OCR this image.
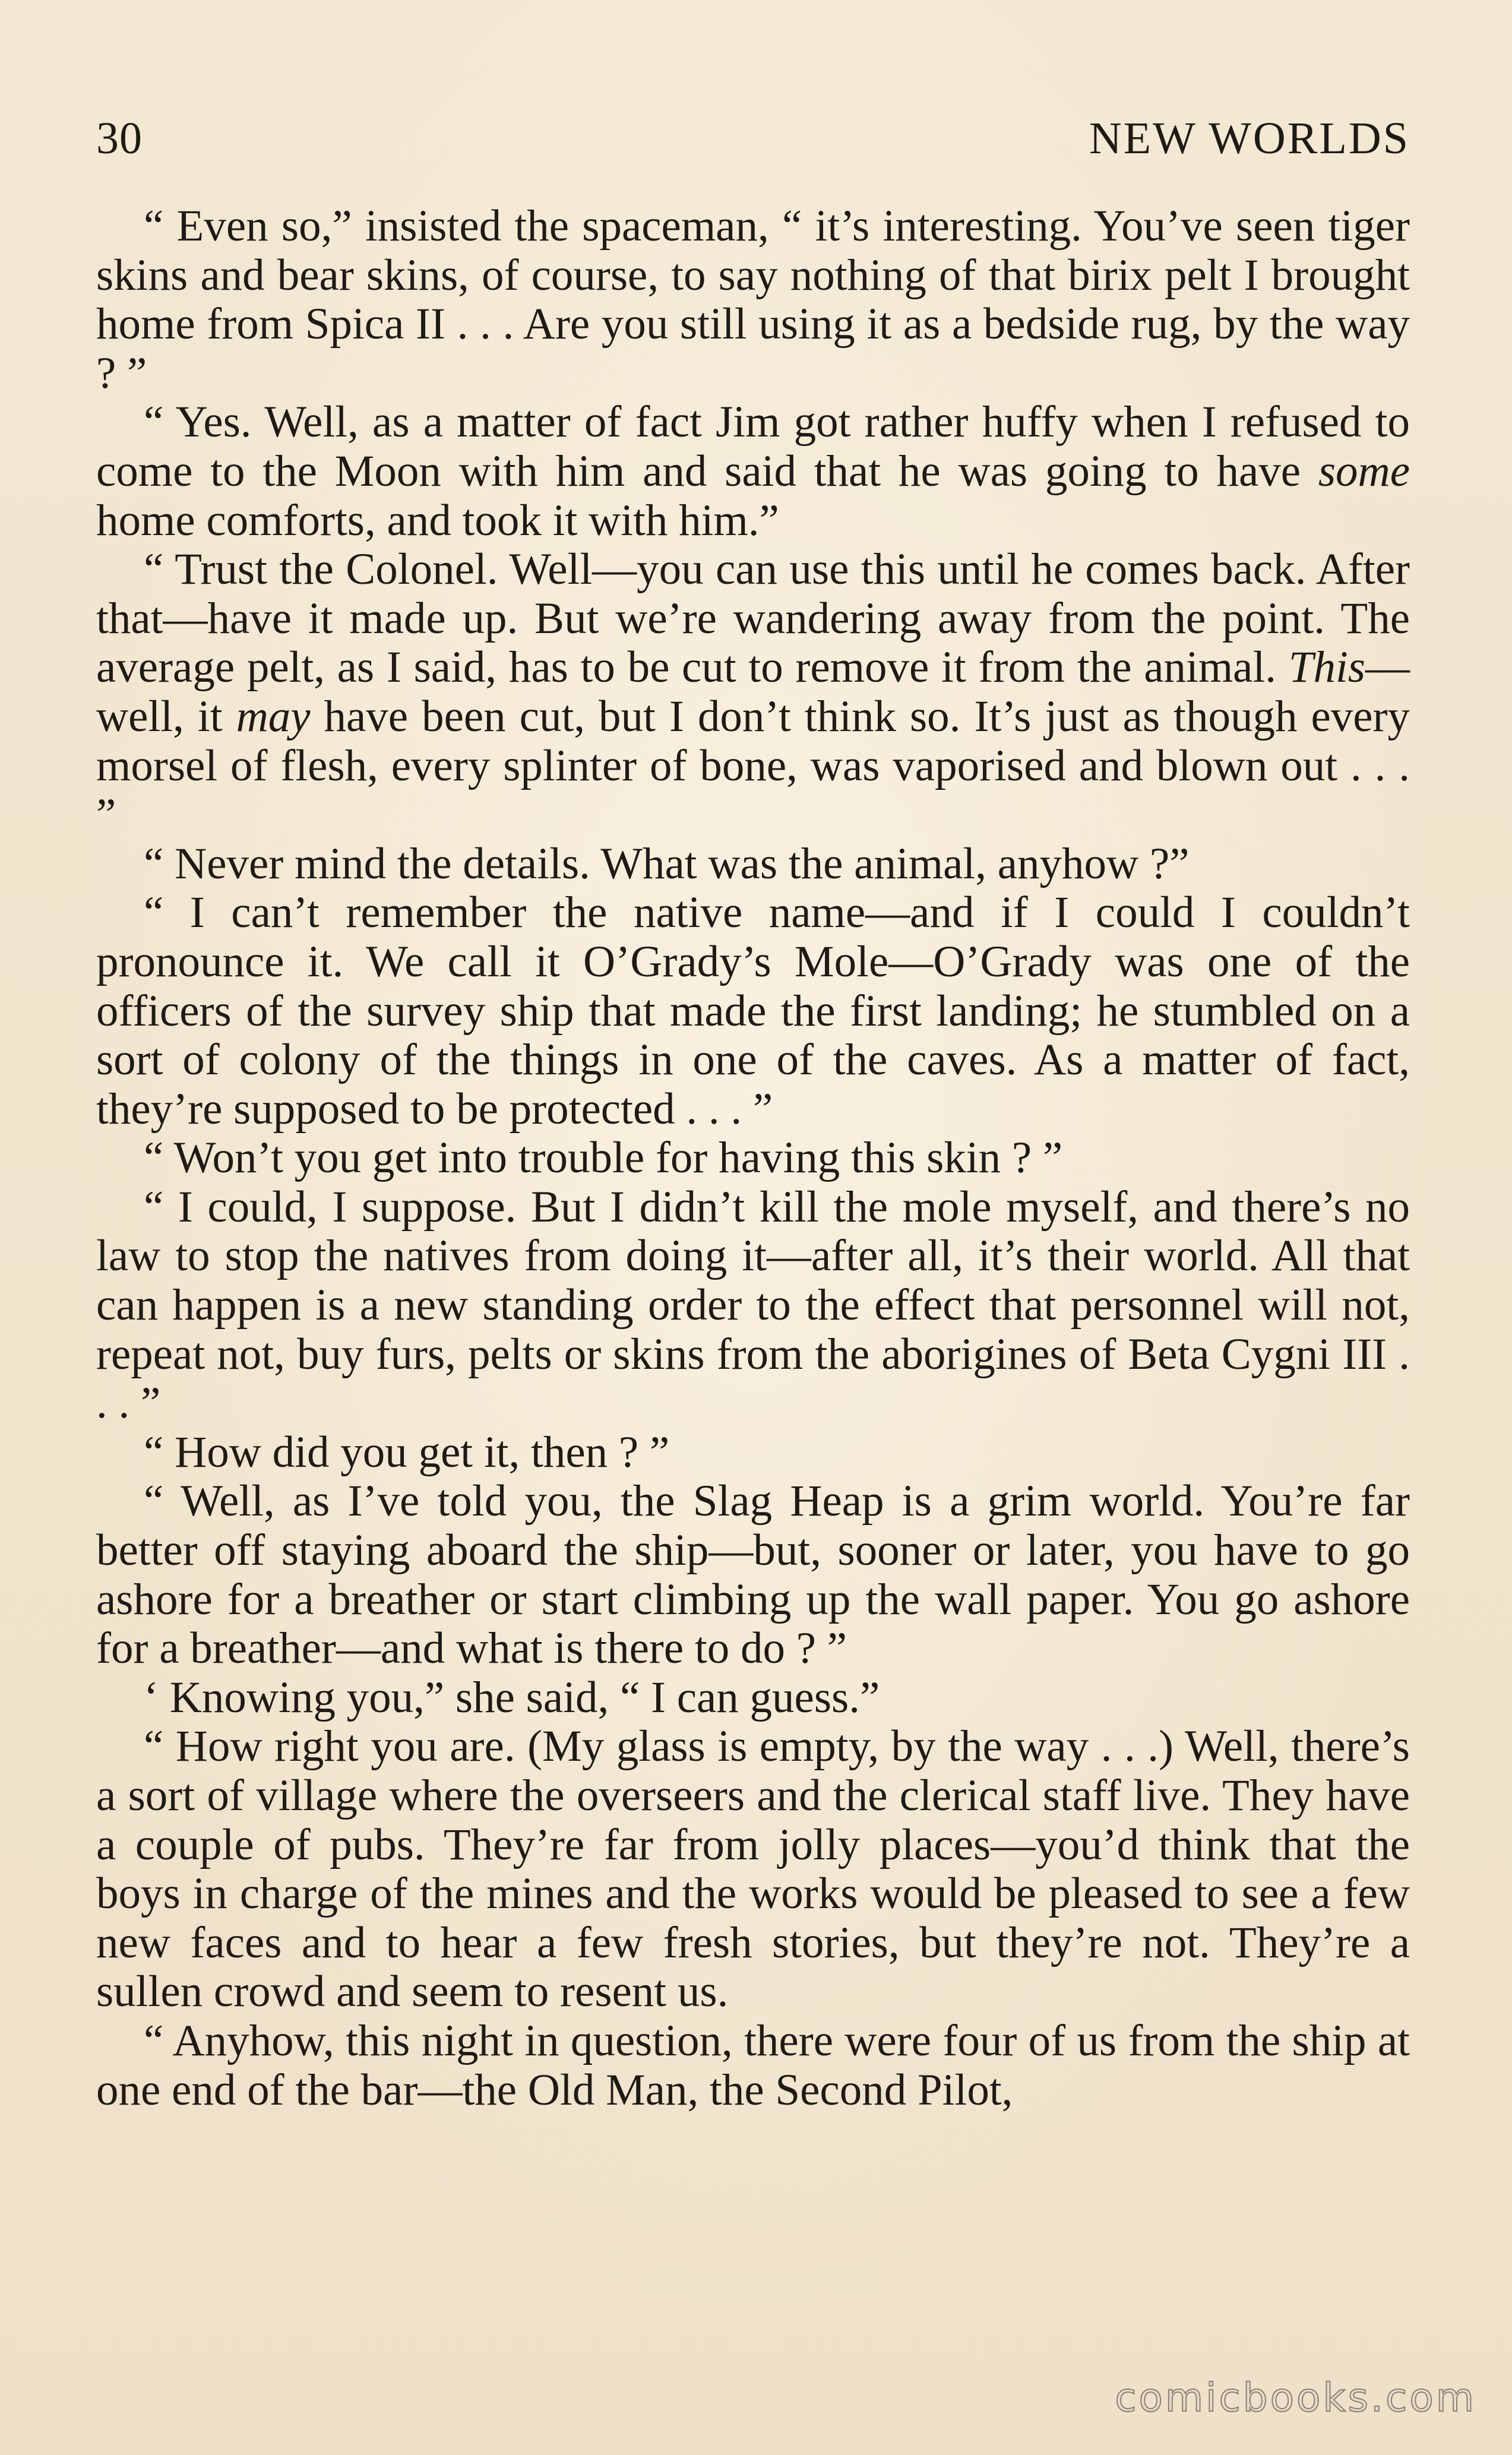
30	NEW WORLDS

“ Even so,” insisted the spaceman, “ it’s interesting. You’ve seen tiger skins and bear skins, of course, to say nothing of that birix pelt I brought home from Spica II . . . Are you still using it as a bedside rug, by the way ? ”

“ Yes. Well, as a matter of fact Jim got rather huffy when I refused to come to the Moon with him and said that he was going to have some home comforts, and took it with him.”

“ Trust the Colonel. Well—you can use this until he comes back. After that—have it made up. But we’re wandering away from the point. The average pelt, as I said, has to be cut to remove it from the animal. This—well, it may have been cut, but I don’t think so. It’s just as though every morsel of flesh, every splinter of bone, was vaporised and blown out . . . ”

“ Never mind the details. What was the animal, anyhow ?”

“ I can’t remember the native name—and if I could I couldn’t pronounce it. We call it O’Grady’s Mole—O’Grady was one of the officers of the survey ship that made the first landing; he stumbled on a sort of colony of the things in one of the caves. As a matter of fact, they’re supposed to be protected . . . ”

“ Won’t you get into trouble for having this skin ? ”

“ I could, I suppose. But I didn’t kill the mole myself, and there’s no law to stop the natives from doing it—after all, it’s their world. All that can happen is a new standing order to the effect that personnel will not, repeat not, buy furs, pelts or skins from the aborigines of Beta Cygni III . . . ”

“ How did you get it, then ? ”

“ Well, as I’ve told you, the Slag Heap is a grim world. You’re far better off staying aboard the ship—but, sooner or later, you have to go ashore for a breather or start climbing up the wall paper. You go ashore for a breather—and what is there to do ? ”

‘ Knowing you,” she said, “ I can guess.”

“ How right you are. (My glass is empty, by the way . . .) Well, there’s a sort of village where the overseers and the clerical staff live. They have a couple of pubs. They’re far from jolly places—you’d think that the boys in charge of the mines and the works would be pleased to see a few new faces and to hear a few fresh stories, but they’re not. They’re a sullen crowd and seem to resent us.

“ Anyhow, this night in question, there were four of us from the ship at one end of the bar—the Old Man, the Second Pilot,

comicbooks.com
